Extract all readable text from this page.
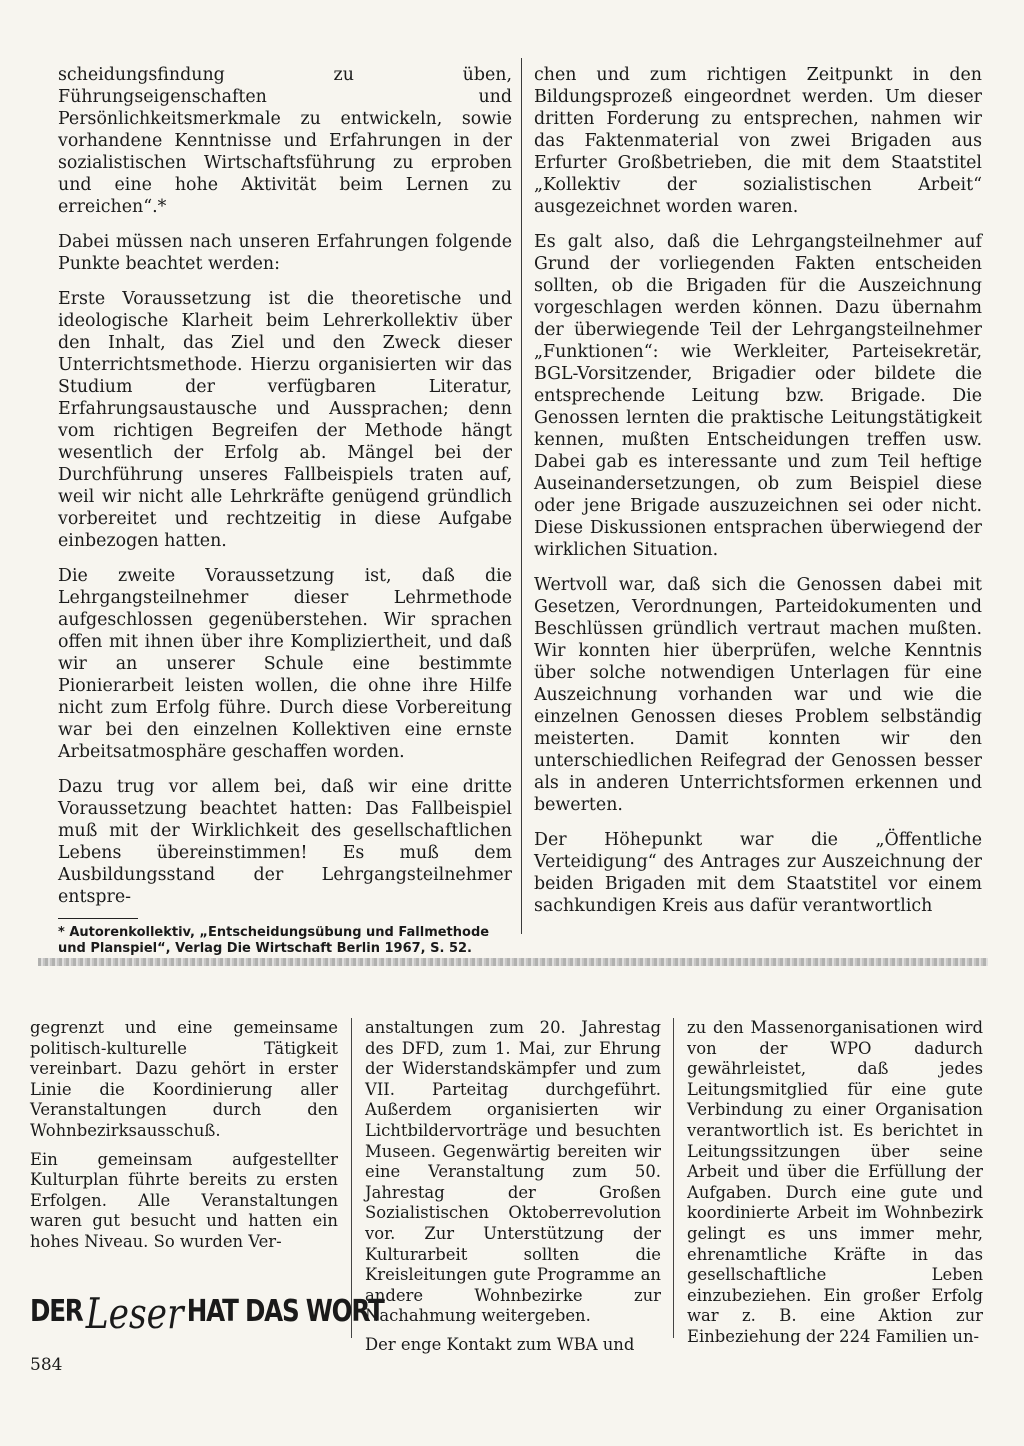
scheidungsfindung zu üben, Führungseigenschaften und Persönlichkeitsmerkmale zu entwickeln, sowie vorhandene Kenntnisse und Erfahrungen in der sozialistischen Wirtschaftsführung zu erproben und eine hohe Aktivität beim Lernen zu erreichen“.*

Dabei müssen nach unseren Erfahrungen folgende Punkte beachtet werden:

Erste Voraussetzung ist die theoretische und ideologische Klarheit beim Lehrerkollektiv über den Inhalt, das Ziel und den Zweck dieser Unterrichtsmethode. Hierzu organisierten wir das Studium der verfügbaren Literatur, Erfahrungsaustausche und Aussprachen; denn vom richtigen Begreifen der Methode hängt wesentlich der Erfolg ab. Mängel bei der Durchführung unseres Fallbeispiels traten auf, weil wir nicht alle Lehrkräfte genügend gründlich vorbereitet und rechtzeitig in diese Aufgabe einbezogen hatten.

Die zweite Voraussetzung ist, daß die Lehrgangsteilnehmer dieser Lehrmethode aufgeschlossen gegenüberstehen. Wir sprachen offen mit ihnen über ihre Kompliziertheit, und daß wir an unserer Schule eine bestimmte Pionierarbeit leisten wollen, die ohne ihre Hilfe nicht zum Erfolg führe. Durch diese Vorbereitung war bei den einzelnen Kollektiven eine ernste Arbeitsatmosphäre geschaffen worden.

Dazu trug vor allem bei, daß wir eine dritte Voraussetzung beachtet hatten: Das Fallbeispiel muß mit der Wirklichkeit des gesellschaftlichen Lebens übereinstimmen! Es muß dem Ausbildungsstand der Lehrgangsteilnehmer entspre-

* Autorenkollektiv, „Entscheidungsübung und Fallmethode und Planspiel“, Verlag Die Wirtschaft Berlin 1967, S. 52.

chen und zum richtigen Zeitpunkt in den Bildungsprozeß eingeordnet werden. Um dieser dritten Forderung zu entsprechen, nahmen wir das Faktenmaterial von zwei Brigaden aus Erfurter Großbetrieben, die mit dem Staatstitel „Kollektiv der sozialistischen Arbeit“ ausgezeichnet worden waren.

Es galt also, daß die Lehrgangsteilnehmer auf Grund der vorliegenden Fakten entscheiden sollten, ob die Brigaden für die Auszeichnung vorgeschlagen werden können. Dazu übernahm der überwiegende Teil der Lehrgangsteilnehmer „Funktionen“: wie Werkleiter, Parteisekretär, BGL-Vorsitzender, Brigadier oder bildete die entsprechende Leitung bzw. Brigade. Die Genossen lernten die praktische Leitungstätigkeit kennen, mußten Entscheidungen treffen usw. Dabei gab es interessante und zum Teil heftige Auseinandersetzungen, ob zum Beispiel diese oder jene Brigade auszuzeichnen sei oder nicht. Diese Diskussionen entsprachen überwiegend der wirklichen Situation.

Wertvoll war, daß sich die Genossen dabei mit Gesetzen, Verordnungen, Parteidokumenten und Beschlüssen gründlich vertraut machen mußten. Wir konnten hier überprüfen, welche Kenntnis über solche notwendigen Unterlagen für eine Auszeichnung vorhanden war und wie die einzelnen Genossen dieses Problem selbständig meisterten. Damit konnten wir den unterschiedlichen Reifegrad der Genossen besser als in anderen Unterrichtsformen erkennen und bewerten.

Der Höhepunkt war die „Öffentliche Verteidigung“ des Antrages zur Auszeichnung der beiden Brigaden mit dem Staatstitel vor einem sachkundigen Kreis aus dafür verantwortlich

gegrenzt und eine gemeinsame politisch-kulturelle Tätigkeit vereinbart. Dazu gehört in erster Linie die Koordinierung aller Veranstaltungen durch den Wohnbezirksausschuß.

Ein gemeinsam aufgestellter Kulturplan führte bereits zu ersten Erfolgen. Alle Veranstaltungen waren gut besucht und hatten ein hohes Niveau. So wurden Ver-

anstaltungen zum 20. Jahrestag des DFD, zum 1. Mai, zur Ehrung der Widerstandskämpfer und zum VII. Parteitag durchgeführt. Außerdem organisierten wir Lichtbildervorträge und besuchten Museen. Gegenwärtig bereiten wir eine Veranstaltung zum 50. Jahrestag der Großen Sozialistischen Oktoberrevolution vor. Zur Unterstützung der Kulturarbeit sollten die Kreisleitungen gute Programme an andere Wohnbezirke zur Nachahmung weitergeben.

Der enge Kontakt zum WBA und

zu den Massenorganisationen wird von der WPO dadurch gewährleistet, daß jedes Leitungsmitglied für eine gute Verbindung zu einer Organisation verantwortlich ist. Es berichtet in Leitungssitzungen über seine Arbeit und über die Erfüllung der Aufgaben. Durch eine gute und koordinierte Arbeit im Wohnbezirk gelingt es uns immer mehr, ehrenamtliche Kräfte in das gesellschaftliche Leben einzubeziehen. Ein großer Erfolg war z. B. eine Aktion zur Einbeziehung der 224 Familien un-

DER Leser HAT DAS WORT
584
